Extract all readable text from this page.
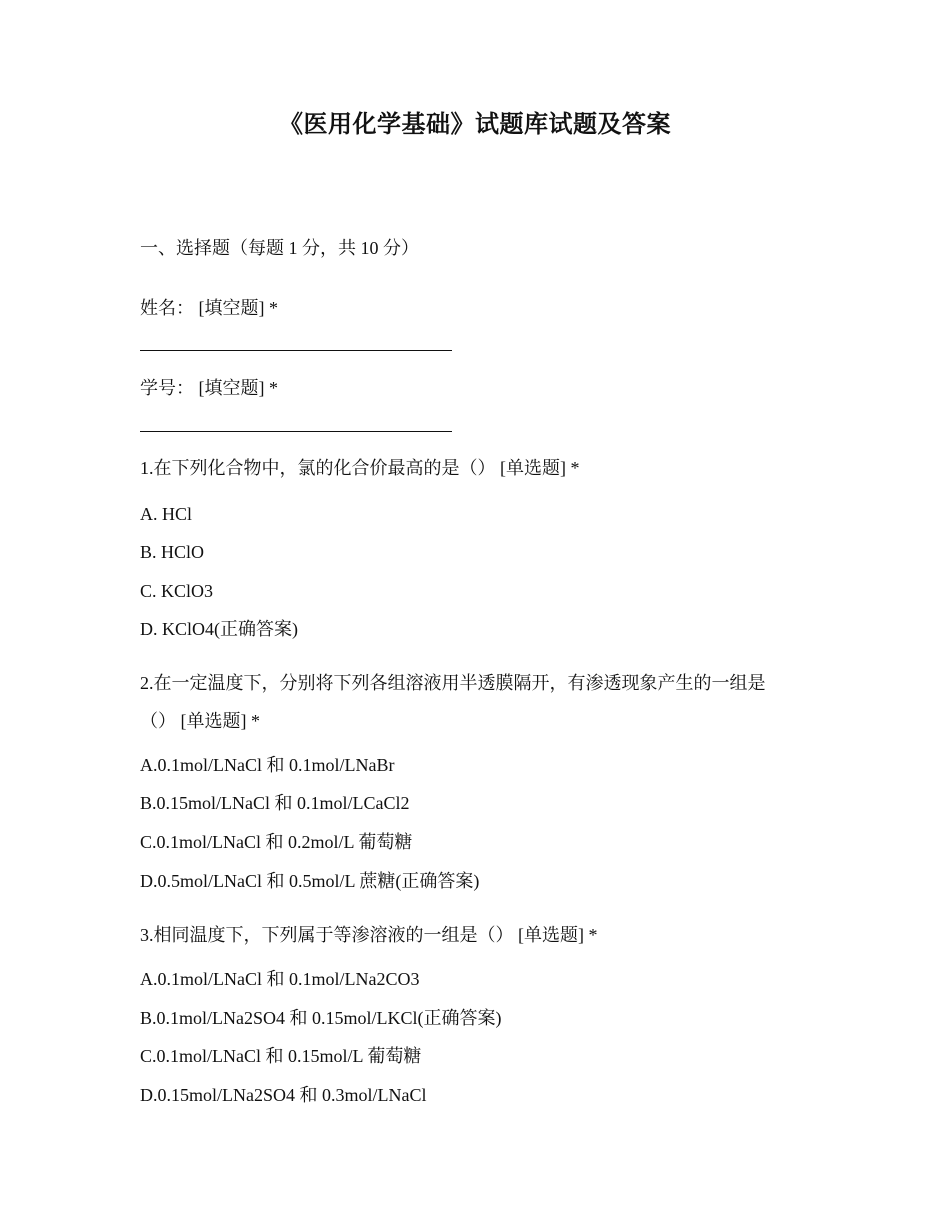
《医用化学基础》试题库试题及答案
一、选择题（每题 1 分，共 10 分）
姓名： [填空题] *
学号： [填空题] *
1.在下列化合物中，氯的化合价最高的是（） [单选题] *
A. HCl
B. HClO
C. KClO3
D. KClO4(正确答案)
2.在一定温度下，分别将下列各组溶液用半透膜隔开，有渗透现象产生的一组是
（） [单选题] *
A.0.1mol/LNaCl 和 0.1mol/LNaBr
B.0.15mol/LNaCl 和 0.1mol/LCaCl2
C.0.1mol/LNaCl 和 0.2mol/L 葡萄糖
D.0.5mol/LNaCl 和 0.5mol/L 蔗糖(正确答案)
3.相同温度下，下列属于等渗溶液的一组是（） [单选题] *
A.0.1mol/LNaCl 和 0.1mol/LNa2CO3
B.0.1mol/LNa2SO4 和 0.15mol/LKCl(正确答案)
C.0.1mol/LNaCl 和 0.15mol/L 葡萄糖
D.0.15mol/LNa2SO4 和 0.3mol/LNaCl
